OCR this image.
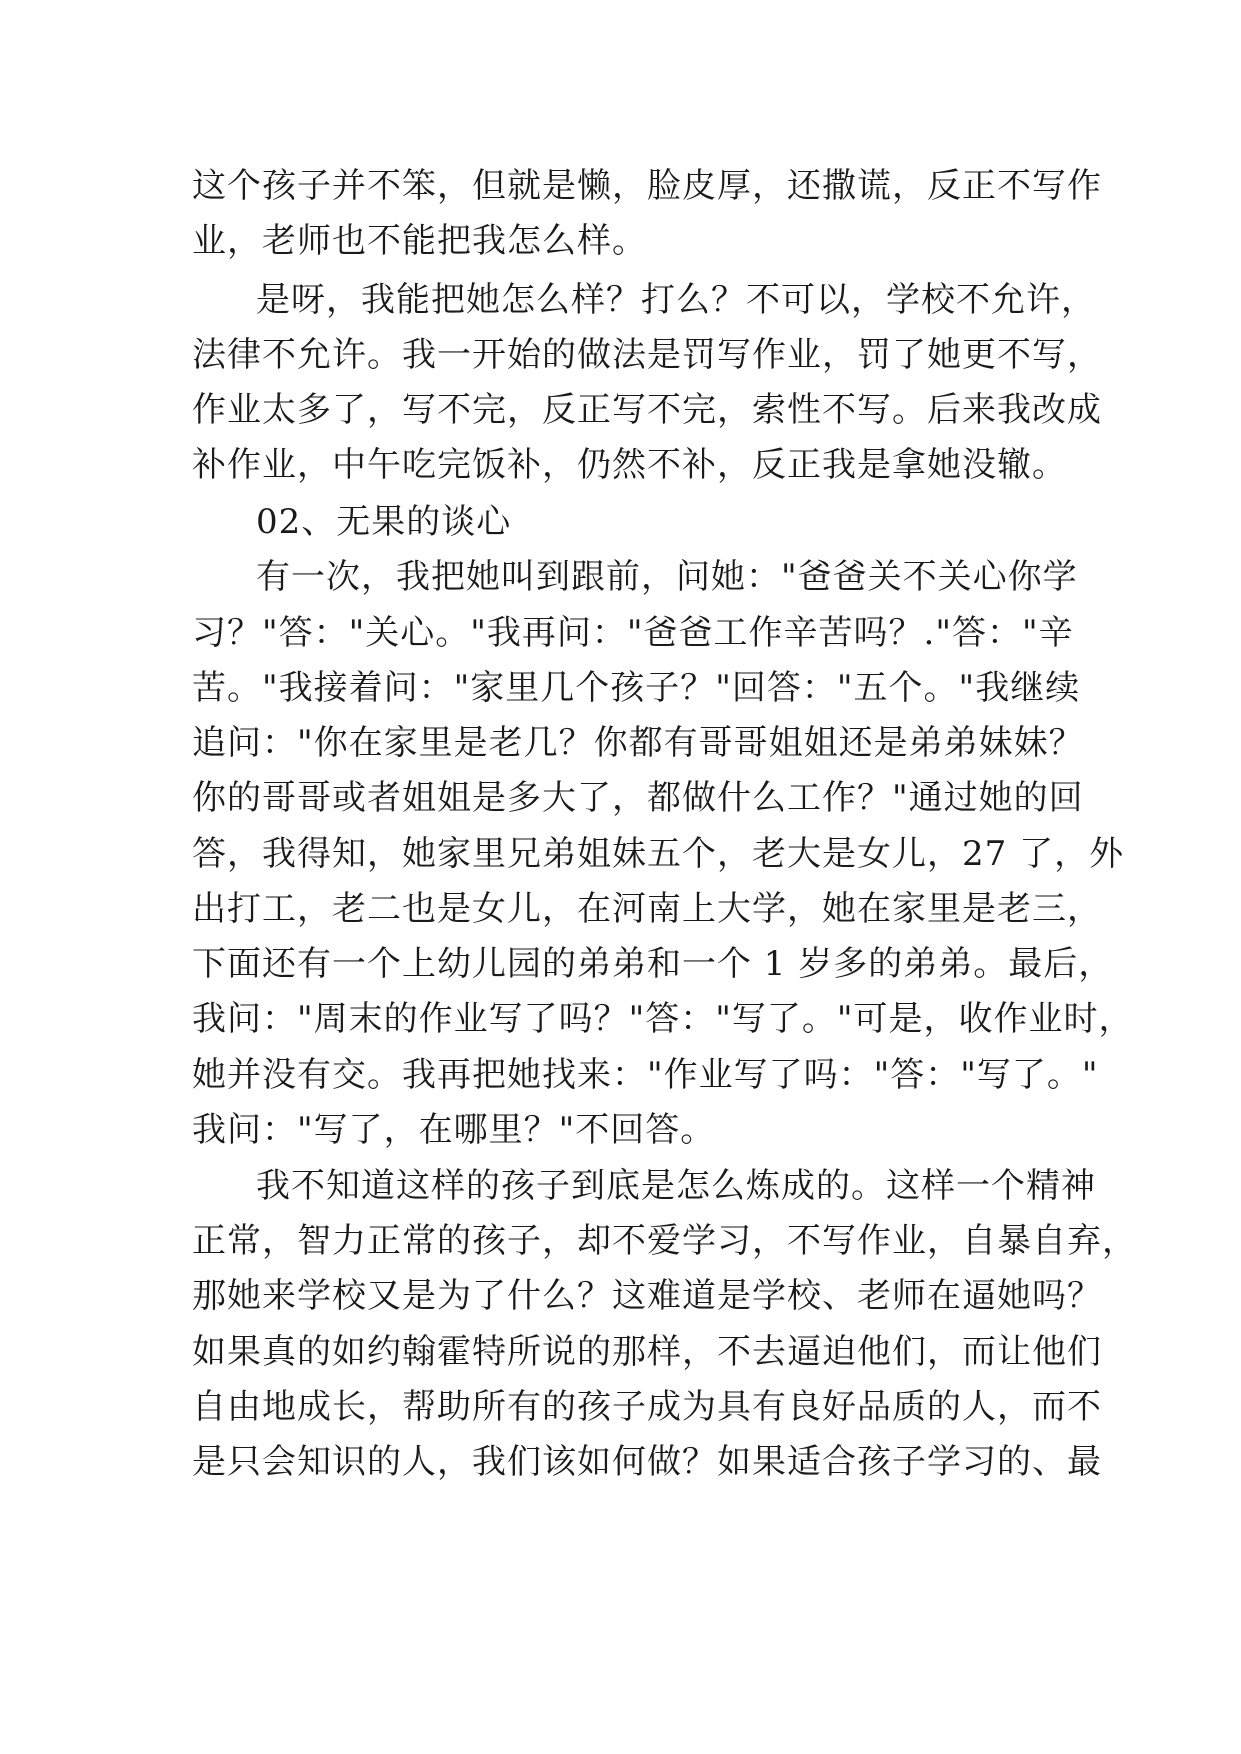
这个孩子并不笨，但就是懒，脸皮厚，还撒谎，反正不写作
业，老师也不能把我怎么样。
是呀，我能把她怎么样？打么？不可以，学校不允许，
法律不允许。我一开始的做法是罚写作业，罚了她更不写，
作业太多了，写不完，反正写不完，索性不写。后来我改成
补作业，中午吃完饭补，仍然不补，反正我是拿她没辙。
02、无果的谈心
有一次，我把她叫到跟前，问她："爸爸关不关心你学
习？"答："关心。"我再问："爸爸工作辛苦吗？."答："辛
苦。"我接着问："家里几个孩子？"回答："五个。"我继续
追问："你在家里是老几？你都有哥哥姐姐还是弟弟妹妹？
你的哥哥或者姐姐是多大了，都做什么工作？"通过她的回
答，我得知，她家里兄弟姐妹五个，老大是女儿，27 了，外
出打工，老二也是女儿，在河南上大学，她在家里是老三，
下面还有一个上幼儿园的弟弟和一个 1 岁多的弟弟。最后，
我问："周末的作业写了吗？"答："写了。"可是，收作业时，
她并没有交。我再把她找来："作业写了吗："答："写了。"
我问："写了，在哪里？"不回答。
我不知道这样的孩子到底是怎么炼成的。这样一个精神
正常，智力正常的孩子，却不爱学习，不写作业，自暴自弃，
那她来学校又是为了什么？这难道是学校、老师在逼她吗？
如果真的如约翰霍特所说的那样，不去逼迫他们，而让他们
自由地成长，帮助所有的孩子成为具有良好品质的人，而不
是只会知识的人，我们该如何做？如果适合孩子学习的、最
